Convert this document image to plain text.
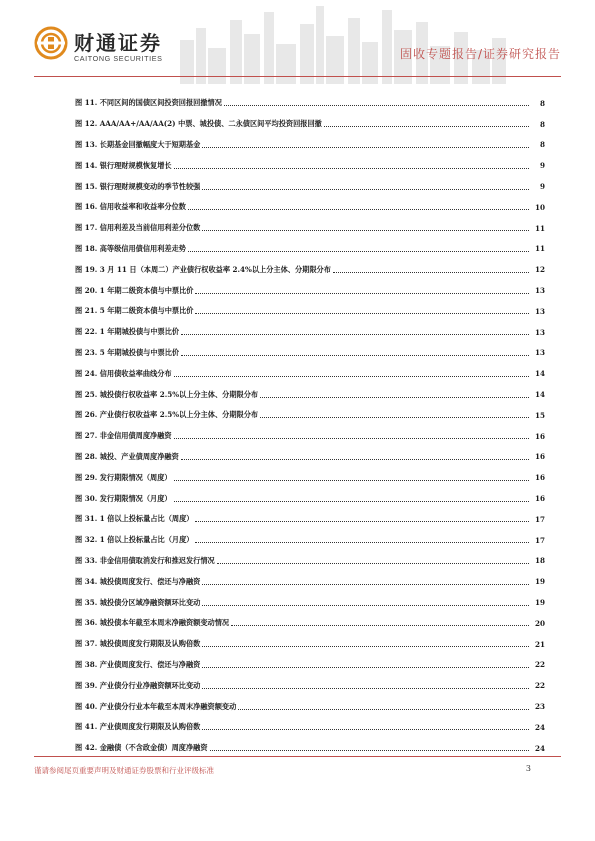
财通证券
CAITONG SECURITIES	固收专题报告/证券研究报告
图 11. 不同区间的国债区间投资回报回撤情况	8
图 12. AAA/AA+/AA/AA(2) 中票、城投债、二永债区间平均投资回报回撤	8
图 13. 长期基金回撤幅度大于短期基金	8
图 14. 银行理财规模恢复增长	9
图 15. 银行理财规模变动的季节性较强	9
图 16. 信用收益率和收益率分位数	10
图 17. 信用利差及当前信用利差分位数	11
图 18. 高等级信用债信用利差走势	11
图 19. 3 月 11 日（本周二）产业债行权收益率 2.4%以上分主体、分期限分布	12
图 20. 1 年期二级资本债与中票比价	13
图 21. 5 年期二级资本债与中票比价	13
图 22. 1 年期城投债与中票比价	13
图 23. 5 年期城投债与中票比价	13
图 24. 信用债收益率曲线分布	14
图 25. 城投债行权收益率 2.5%以上分主体、分期限分布	14
图 26. 产业债行权收益率 2.5%以上分主体、分期限分布	15
图 27. 非金信用债周度净融资	16
图 28. 城投、产业债周度净融资	16
图 29. 发行期限情况（周度）	16
图 30. 发行期限情况（月度）	16
图 31. 1 倍以上投标量占比（周度）	17
图 32. 1 倍以上投标量占比（月度）	17
图 33. 非金信用债取消发行和推迟发行情况	18
图 34. 城投债周度发行、偿还与净融资	19
图 35. 城投债分区域净融资额环比变动	19
图 36. 城投债本年截至本周末净融资额变动情况	20
图 37. 城投债周度发行期限及认购倍数	21
图 38. 产业债周度发行、偿还与净融资	22
图 39. 产业债分行业净融资额环比变动	22
图 40. 产业债分行业本年截至本周末净融资额变动	23
图 41. 产业债周度发行期限及认购倍数	24
图 42. 金融债（不含政金债）周度净融资	24
谨请参阅尾页重要声明及财通证券股票和行业评级标准	3
